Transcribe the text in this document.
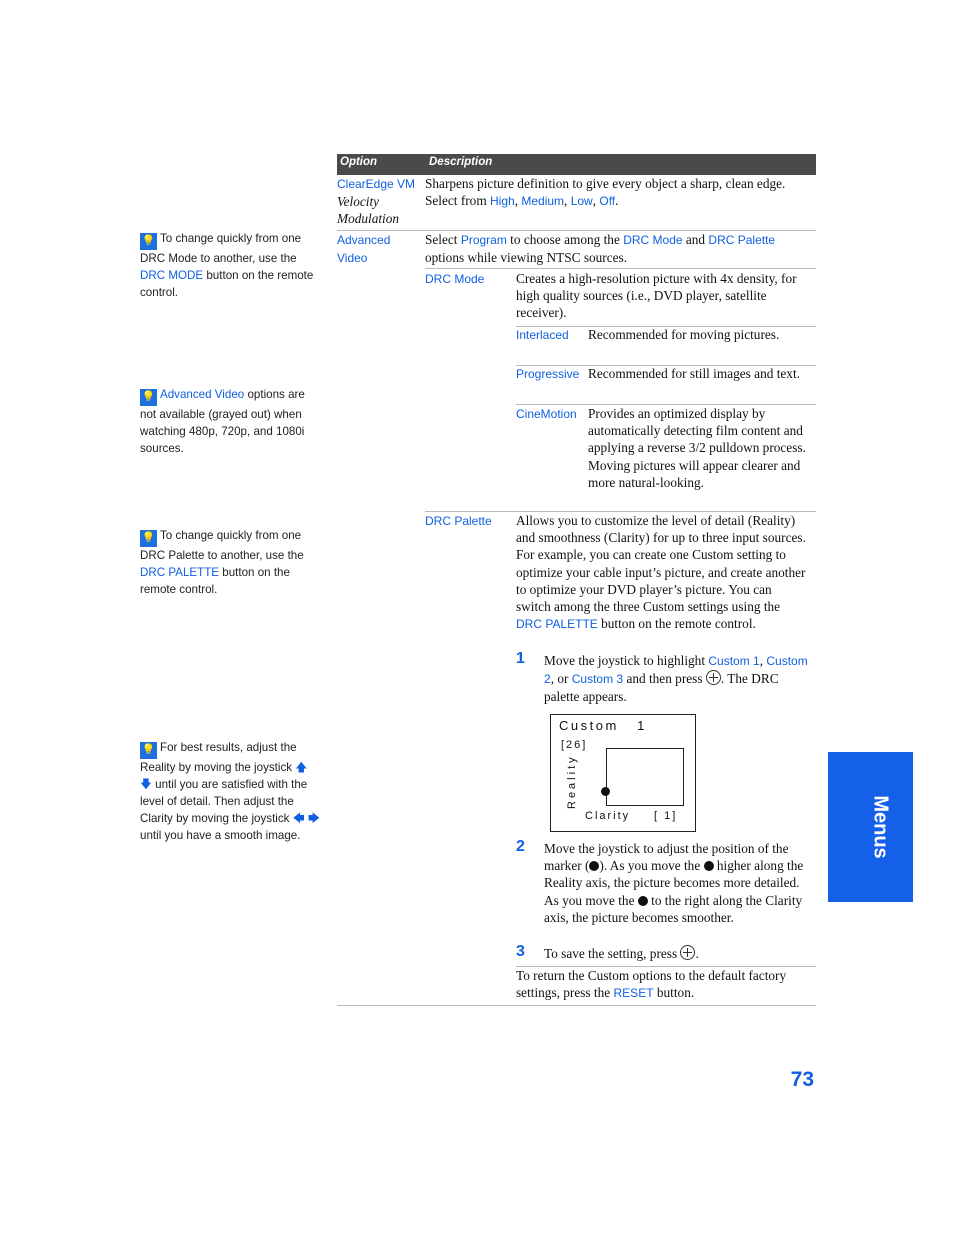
💡 To change quickly from one DRC Mode to another, use the DRC MODE button on the remote control.
💡 Advanced Video options are not available (grayed out) when watching 480p, 720p, and 1080i sources.
💡 To change quickly from one DRC Palette to another, use the DRC PALETTE button on the remote control.
💡 For best results, adjust the Reality by moving the joystick 🡅 🡇 until you are satisfied with the level of detail. Then adjust the Clarity by moving the joystick 🡄 🡆 until you have a smooth image.
Option	Description
ClearEdge VM
Velocity Modulation
Sharpens picture definition to give every object a sharp, clean edge. Select from High, Medium, Low, Off.
Advanced Video
Select Program to choose among the DRC Mode and DRC Palette options while viewing NTSC sources.
DRC Mode Creates a high-resolution picture with 4x density, for high quality sources (i.e., DVD player, satellite receiver).
Interlaced Recommended for moving pictures.
Progressive Recommended for still images and text.
CineMotion Provides an optimized display by automatically detecting film content and applying a reverse 3/2 pulldown process. Moving pictures will appear clearer and more natural-looking.
DRC Palette Allows you to customize the level of detail (Reality) and smoothness (Clarity) for up to three input sources. For example, you can create one Custom setting to optimize your cable input’s picture, and create another to optimize your DVD player’s picture. You can switch among the three Custom settings using the DRC PALETTE button on the remote control.
1 Move the joystick to highlight Custom 1, Custom 2, or Custom 3 and then press . The DRC palette appears.
Custom   1
[26]
Reality
Clarity [ 1]
2 Move the joystick to adjust the position of the marker ( ). As you move the higher along the Reality axis, the picture becomes more detailed. As you move the to the right along the Clarity axis, the picture becomes smoother.
3 To save the setting, press .
To return the Custom options to the default factory settings, press the RESET button.
Menus
73
